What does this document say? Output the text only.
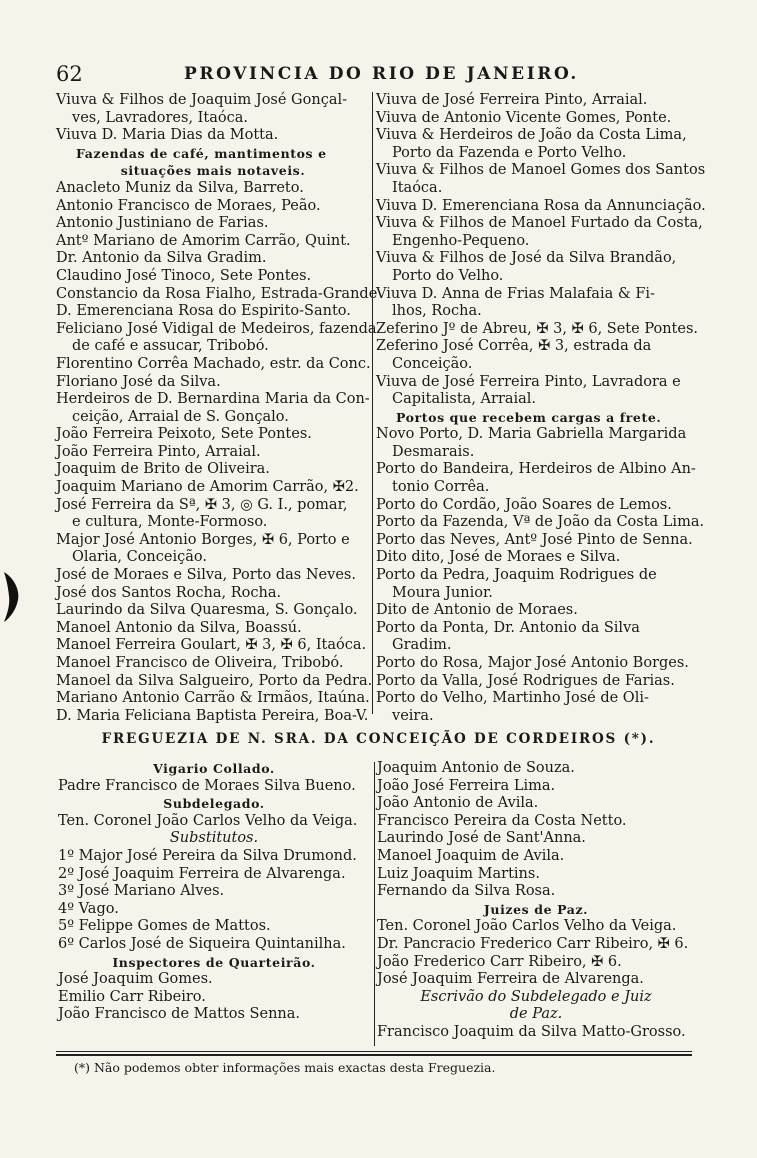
62	PROVINCIA DO RIO DE JANEIRO.
Viuva & Filhos de Joaquim José Gonçal-
ves, Lavradores, Itaóca.
Viuva D. Maria Dias da Motta.
Fazendas de café, mantimentos e
situações mais notaveis.
Anacleto Muniz da Silva, Barreto.
Antonio Francisco de Moraes, Peão.
Antonio Justiniano de Farias.
Antº Mariano de Amorim Carrão, Quint.
Dr. Antonio da Silva Gradim.
Claudino José Tinoco, Sete Pontes.
Constancio da Rosa Fialho, Estrada-Grande
D. Emerenciana Rosa do Espirito-Santo.
Feliciano José Vidigal de Medeiros, fazenda
de café e assucar, Tribobó.
Florentino Corrêa Machado, estr. da Conc.
Floriano José da Silva.
Herdeiros de D. Bernardina Maria da Con-
ceição, Arraial de S. Gonçalo.
João Ferreira Peixoto, Sete Pontes.
João Ferreira Pinto, Arraial.
Joaquim de Brito de Oliveira.
Joaquim Mariano de Amorim Carrão, ✠2.
José Ferreira da Sª, ✠ 3, ◎ G. I., pomar,
e cultura, Monte-Formoso.
Major José Antonio Borges, ✠ 6, Porto e
Olaria, Conceição.
José de Moraes e Silva, Porto das Neves.
José dos Santos Rocha, Rocha.
Laurindo da Silva Quaresma, S. Gonçalo.
Manoel Antonio da Silva, Boassú.
Manoel Ferreira Goulart, ✠ 3, ✠ 6, Itaóca.
Manoel Francisco de Oliveira, Tribobó.
Manoel da Silva Salgueiro, Porto da Pedra.
Mariano Antonio Carrão & Irmãos, Itaúna.
D. Maria Feliciana Baptista Pereira, Boa-V.
Viuva de José Ferreira Pinto, Arraial.
Viuva de Antonio Vicente Gomes, Ponte.
Viuva & Herdeiros de João da Costa Lima,
Porto da Fazenda e Porto Velho.
Viuva & Filhos de Manoel Gomes dos Santos
Itaóca.
Viuva D. Emerenciana Rosa da Annunciação.
Viuva & Filhos de Manoel Furtado da Costa,
Engenho-Pequeno.
Viuva & Filhos de José da Silva Brandão,
Porto do Velho.
Viuva D. Anna de Frias Malafaia & Fi-
lhos, Rocha.
Zeferino Jº de Abreu, ✠ 3, ✠ 6, Sete Pontes.
Zeferino José Corrêa, ✠ 3, estrada da
Conceição.
Viuva de José Ferreira Pinto, Lavradora e
Capitalista, Arraial.
Portos que recebem cargas a frete.
Novo Porto, D. Maria Gabriella Margarida
Desmarais.
Porto do Bandeira, Herdeiros de Albino An-
tonio Corrêa.
Porto do Cordão, João Soares de Lemos.
Porto da Fazenda, Vª de João da Costa Lima.
Porto das Neves, Antº José Pinto de Senna.
Dito dito, José de Moraes e Silva.
Porto da Pedra, Joaquim Rodrigues de
Moura Junior.
Dito de Antonio de Moraes.
Porto da Ponta, Dr. Antonio da Silva
Gradim.
Porto do Rosa, Major José Antonio Borges.
Porto da Valla, José Rodrigues de Farias.
Porto do Velho, Martinho José de Oli-
veira.
FREGUEZIA DE N. SRA. DA CONCEIÇÃO DE CORDEIROS (*).
Vigario Collado.
Padre Francisco de Moraes Silva Bueno.
Subdelegado.
Ten. Coronel João Carlos Velho da Veiga.
Substitutos.
1º Major José Pereira da Silva Drumond.
2º José Joaquim Ferreira de Alvarenga.
3º José Mariano Alves.
4º Vago.
5º Felippe Gomes de Mattos.
6º Carlos José de Siqueira Quintanilha.
Inspectores de Quarteirão.
José Joaquim Gomes.
Emilio Carr Ribeiro.
João Francisco de Mattos Senna.
Joaquim Antonio de Souza.
João José Ferreira Lima.
João Antonio de Avila.
Francisco Pereira da Costa Netto.
Laurindo José de Sant'Anna.
Manoel Joaquim de Avila.
Luiz Joaquim Martins.
Fernando da Silva Rosa.
Juizes de Paz.
Ten. Coronel João Carlos Velho da Veiga.
Dr. Pancracio Frederico Carr Ribeiro, ✠ 6.
João Frederico Carr Ribeiro, ✠ 6.
José Joaquim Ferreira de Alvarenga.
Escrivão do Subdelegado e Juiz
de Paz.
Francisco Joaquim da Silva Matto-Grosso.
(*) Não podemos obter informações mais exactas desta Freguezia.
